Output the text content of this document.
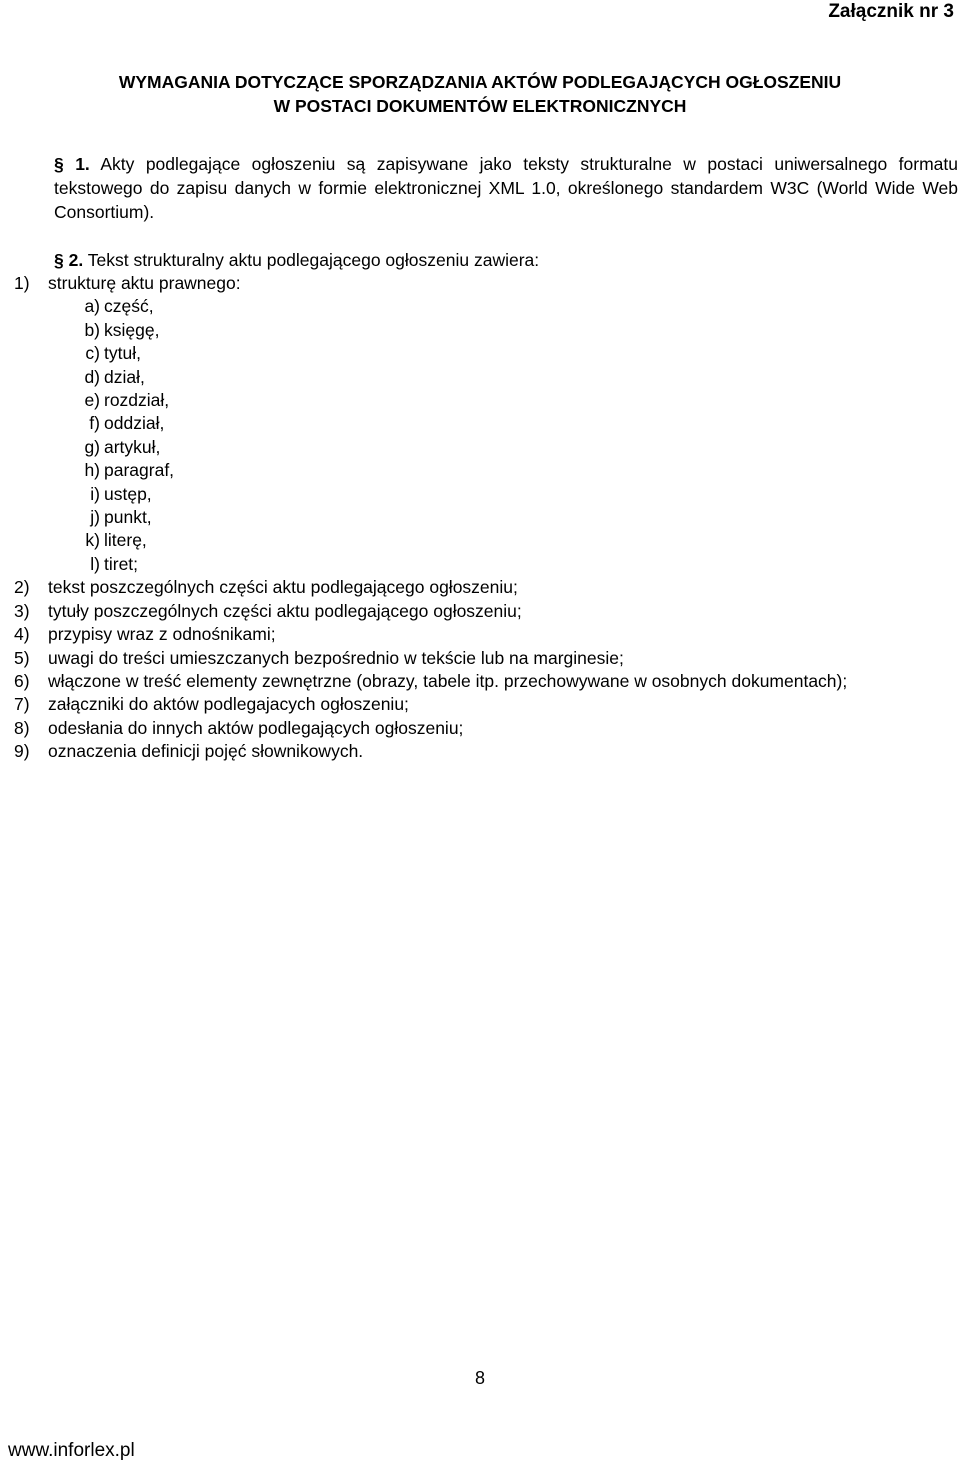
Załącznik nr 3
WYMAGANIA DOTYCZĄCE SPORZĄDZANIA AKTÓW PODLEGAJĄCYCH OGŁOSZENIU
W POSTACI DOKUMENTÓW ELEKTRONICZNYCH
§ 1. Akty podlegające ogłoszeniu są zapisywane jako teksty strukturalne w postaci uniwersalnego formatu tekstowego do zapisu danych w formie elektronicznej XML 1.0, określonego standardem W3C (World Wide Web Consortium).
§ 2. Tekst strukturalny aktu podlegającego ogłoszeniu zawiera:
1) strukturę aktu prawnego:
a) część,
b) księgę,
c) tytuł,
d) dział,
e) rozdział,
f) oddział,
g) artykuł,
h) paragraf,
i) ustęp,
j) punkt,
k) literę,
l) tiret;
2) tekst poszczególnych części aktu podlegającego ogłoszeniu;
3) tytuły poszczególnych części aktu podlegającego ogłoszeniu;
4) przypisy wraz z odnośnikami;
5) uwagi do treści umieszczanych bezpośrednio w tekście lub na marginesie;
6) włączone w treść elementy zewnętrzne (obrazy, tabele itp. przechowywane w osobnych dokumentach);
7) załączniki do aktów podlegajacych ogłoszeniu;
8) odesłania do innych aktów podlegających ogłoszeniu;
9) oznaczenia definicji pojęć słownikowych.
8
www.inforlex.pl
